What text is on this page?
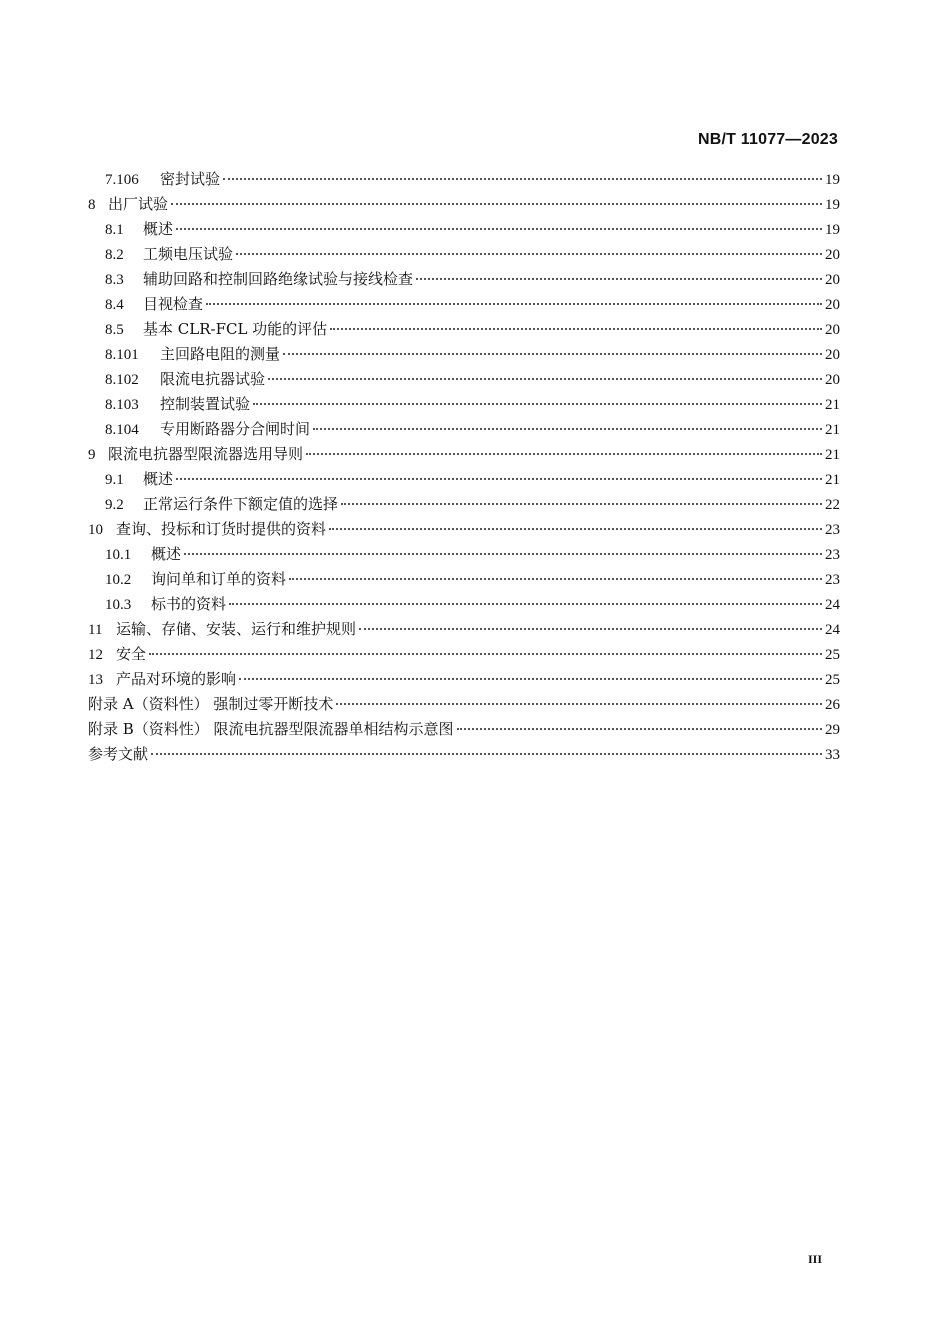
NB/T 11077—2023
7.106	密封试验	19
8 出厂试验	19
8.1	概述	19
8.2	工频电压试验	20
8.3	辅助回路和控制回路绝缘试验与接线检查	20
8.4	目视检查	20
8.5	基本 CLR-FCL 功能的评估	20
8.101	主回路电阻的测量	20
8.102	限流电抗器试验	20
8.103	控制装置试验	21
8.104	专用断路器分合闸时间	21
9 限流电抗器型限流器选用导则	21
9.1	概述	21
9.2	正常运行条件下额定值的选择	22
10 查询、投标和订货时提供的资料	23
10.1	概述	23
10.2	询问单和订单的资料	23
10.3	标书的资料	24
11 运输、存储、安装、运行和维护规则	24
12 安全	25
13 产品对环境的影响	25
附录 A（资料性） 强制过零开断技术	26
附录 B（资料性） 限流电抗器型限流器单相结构示意图	29
参考文献	33
III
